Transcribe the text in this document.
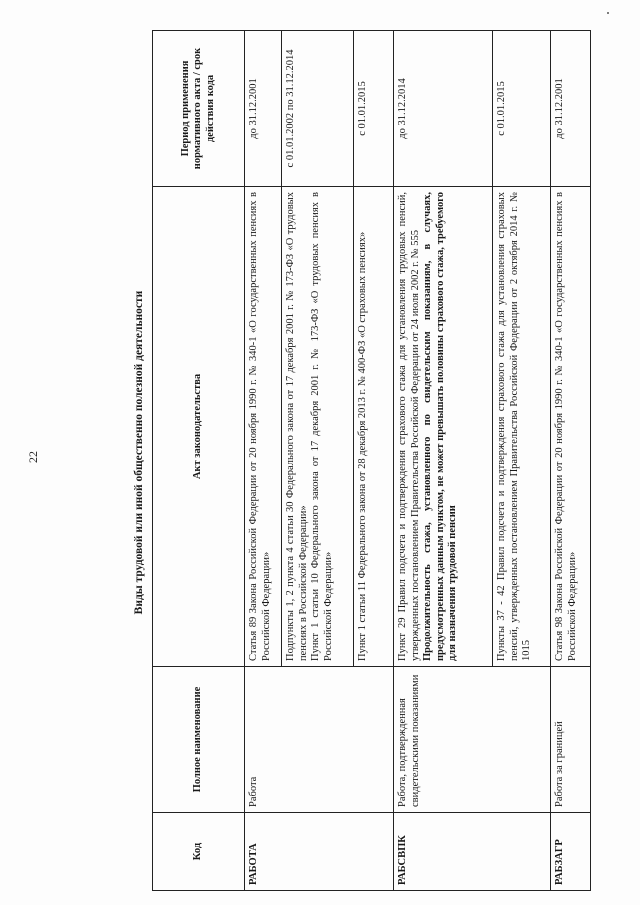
22	Виды трудовой или иной общественно полезной деятельности
Код	Полное наименование	Акт законодательства	Период применения нормативного акта / срок действия кода
РАБОТА	Работа	Статья 89 Закона Российской Федерации от 20 ноября 1990 г. № 340-1 «О государственных пенсиях в Российской Федерации»	до 31.12.2001

		Подпункты 1, 2 пункта 4 статьи 30 Федерального закона от 17 декабря 2001 г. № 173-ФЗ «О трудовых пенсиях в Российской Федерации» Пункт 1 статьи 10 Федерального закона от 17 декабря 2001 г. № 173-ФЗ «О трудовых пенсиях в Российской Федерации»	с 01.01.2002 по 31.12.2014

		Пункт 1 статьи 11 Федерального закона от 28 декабря 2013 г. № 400-ФЗ «О страховых пенсиях»	с 01.01.2015
РАБСВПК	Работа, подтвержденная свидетельскими показаниями	Пункт 29 Правил подсчета и подтверждения страхового стажа для установления трудовых пенсий, утвержденных постановлением Правительства Российской Федерации от 24 июля 2002 г. № 555 Продолжительность стажа, установленного по свидетельским показаниям, в случаях, предусмотренных данным пунктом, не может превышать половины страхового стажа, требуемого для назначения трудовой пенсии	до 31.12.2014

		Пункты 37 - 42 Правил подсчета и подтверждения страхового стажа для установления страховых пенсий, утвержденных постановлением Правительства Российской Федерации от 2 октября 2014 г. № 1015	с 01.01.2015
РАБЗАГР	Работа за границей	Статья 98 Закона Российской Федерации от 20 ноября 1990 г. № 340-1 «О государственных пенсиях в Российской Федерации»	до 31.12.2001
